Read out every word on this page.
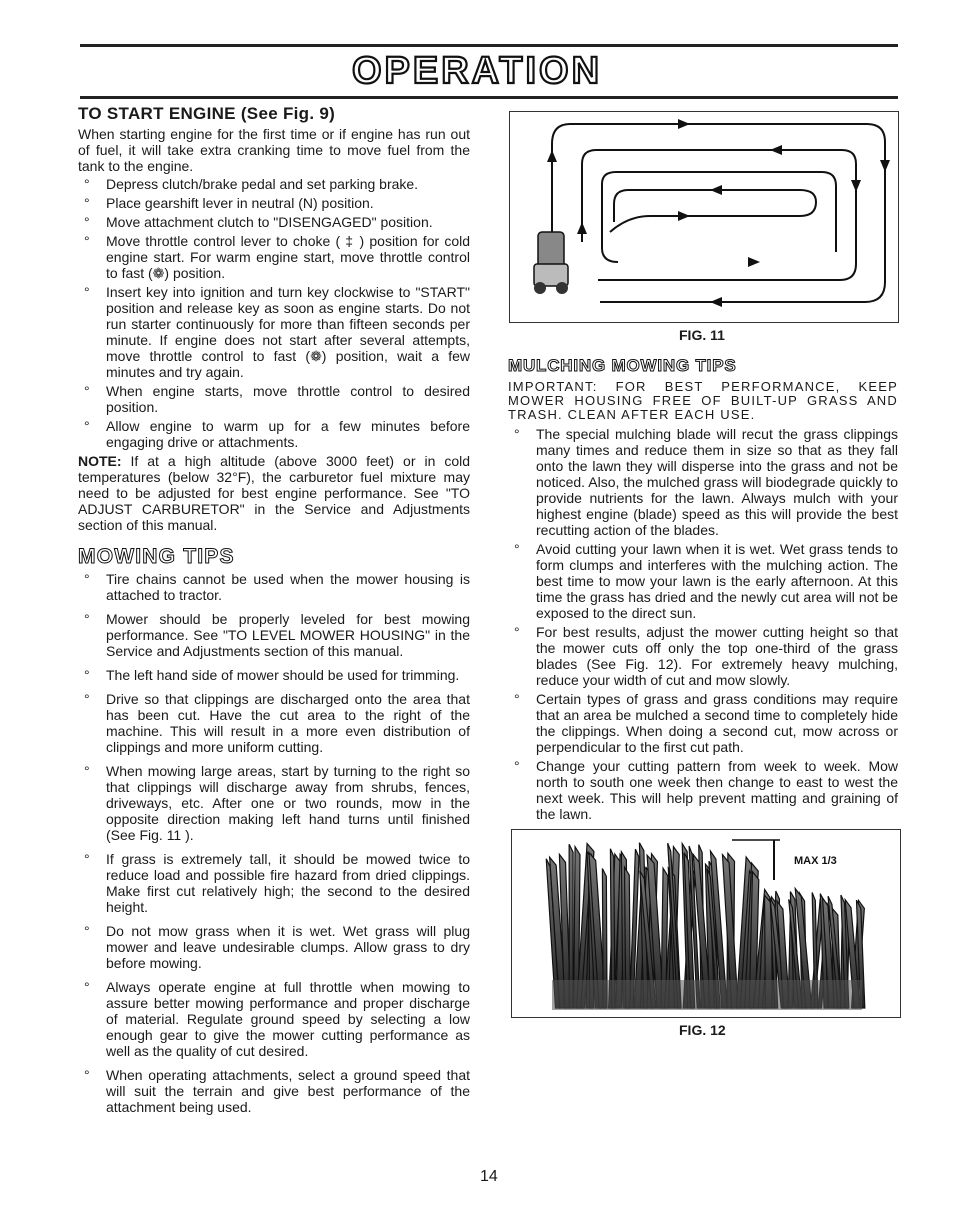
OPERATION
TO START ENGINE (See Fig. 9)

When starting engine for the first time or if engine has run out of fuel, it will take extra cranking time to move fuel from the tank to the engine.

° Depress clutch/brake pedal and set parking brake.
° Place gearshift lever in neutral (N) position.
° Move attachment clutch to "DISENGAGED" position.
° Move throttle control lever to choke ( ‡ ) position for cold engine start. For warm engine start, move throttle control to fast (❁) position.
° Insert key into ignition and turn key clockwise to "START" position and release key as soon as engine starts. Do not run starter continuously for more than fifteen seconds per minute. If engine does not start after several attempts, move throttle control to fast (❁) position, wait a few minutes and try again.
° When engine starts, move throttle control to desired position.
° Allow engine to warm up for a few minutes before engaging drive or attachments.

NOTE: If at a high altitude (above 3000 feet) or in cold temperatures (below 32°F), the carburetor fuel mixture may need to be adjusted for best engine performance. See "TO ADJUST CARBURETOR" in the Service and Adjustments section of this manual.

MOWING TIPS
° Tire chains cannot be used when the mower housing is attached to tractor.
° Mower should be properly leveled for best mowing performance. See "TO LEVEL MOWER HOUSING" in the Service and Adjustments section of this manual.
° The left hand side of mower should be used for trimming.
° Drive so that clippings are discharged onto the area that has been cut. Have the cut area to the right of the machine. This will result in a more even distribution of clippings and more uniform cutting.
° When mowing large areas, start by turning to the right so that clippings will discharge away from shrubs, fences, driveways, etc. After one or two rounds, mow in the opposite direction making left hand turns until finished (See Fig. 11 ).
° If grass is extremely tall, it should be mowed twice to reduce load and possible fire hazard from dried clippings. Make first cut relatively high; the second to the desired height.
° Do not mow grass when it is wet. Wet grass will plug mower and leave undesirable clumps. Allow grass to dry before mowing.
° Always operate engine at full throttle when mowing to assure better mowing performance and proper discharge of material. Regulate ground speed by selecting a low enough gear to give the mower cutting performance as well as the quality of cut desired.
° When operating attachments, select a ground speed that will suit the terrain and give best performance of the attachment being used.
FIG. 11
MULCHING MOWING TIPS

IMPORTANT: FOR BEST PERFORMANCE, KEEP MOWER HOUSING FREE OF BUILT-UP GRASS AND TRASH. CLEAN AFTER EACH USE.

° The special mulching blade will recut the grass clippings many times and reduce them in size so that as they fall onto the lawn they will disperse into the grass and not be noticed. Also, the mulched grass will biodegrade quickly to provide nutrients for the lawn. Always mulch with your highest engine (blade) speed as this will provide the best recutting action of the blades.
° Avoid cutting your lawn when it is wet. Wet grass tends to form clumps and interferes with the mulching action. The best time to mow your lawn is the early afternoon. At this time the grass has dried and the newly cut area will not be exposed to the direct sun.
° For best results, adjust the mower cutting height so that the mower cuts off only the top one-third of the grass blades (See Fig. 12). For extremely heavy mulching, reduce your width of cut and mow slowly.
° Certain types of grass and grass conditions may require that an area be mulched a second time to completely hide the clippings. When doing a second cut, mow across or perpendicular to the first cut path.
° Change your cutting pattern from week to week. Mow north to south one week then change to east to west the next week. This will help prevent matting and graining of the lawn.
MAX 1/3
FIG. 12
14
